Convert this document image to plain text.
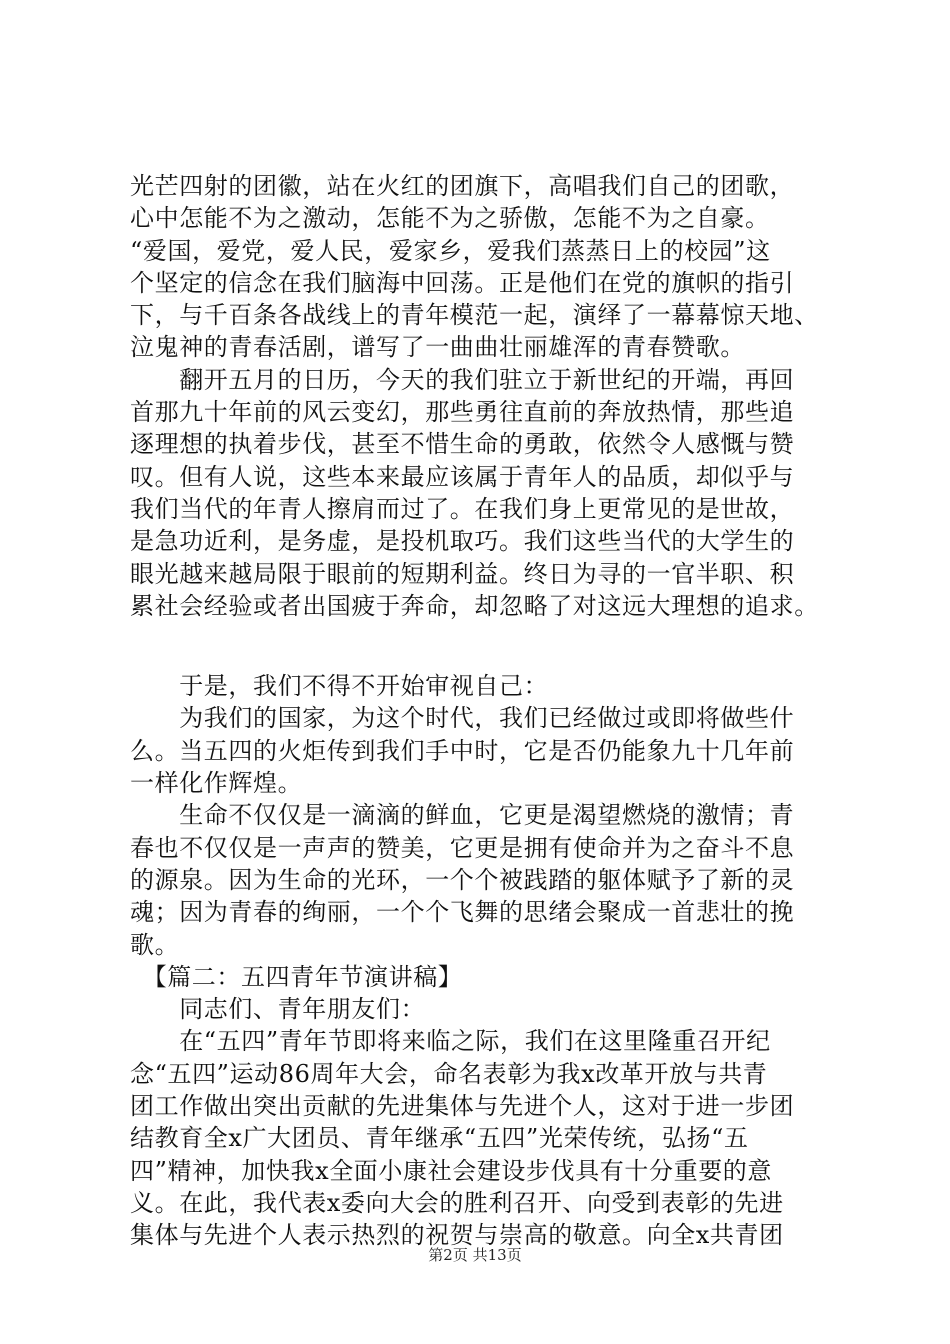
光芒四射的团徽，站在火红的团旗下，高唱我们自己的团歌，
心中怎能不为之激动，怎能不为之骄傲，怎能不为之自豪。
“爱国，爱党，爱人民，爱家乡，爱我们蒸蒸日上的校园”这
个坚定的信念在我们脑海中回荡。正是他们在党的旗帜的指引
下，与千百条各战线上的青年模范一起，演绎了一幕幕惊天地、
泣鬼神的青春活剧，谱写了一曲曲壮丽雄浑的青春赞歌。
　　翻开五月的日历，今天的我们驻立于新世纪的开端，再回
首那九十年前的风云变幻，那些勇往直前的奔放热情，那些追
逐理想的执着步伐，甚至不惜生命的勇敢，依然令人感慨与赞
叹。但有人说，这些本来最应该属于青年人的品质，却似乎与
我们当代的年青人擦肩而过了。在我们身上更常见的是世故，
是急功近利，是务虚，是投机取巧。我们这些当代的大学生的
眼光越来越局限于眼前的短期利益。终日为寻的一官半职、积
累社会经验或者出国疲于奔命，却忽略了对这远大理想的追求。
　　于是，我们不得不开始审视自己：
　　为我们的国家，为这个时代，我们已经做过或即将做些什
么。当五四的火炬传到我们手中时，它是否仍能象九十几年前
一样化作辉煌。
　　生命不仅仅是一滴滴的鲜血，它更是渴望燃烧的激情；青
春也不仅仅是一声声的赞美，它更是拥有使命并为之奋斗不息
的源泉。因为生命的光环，一个个被践踏的躯体赋予了新的灵
魂；因为青春的绚丽，一个个飞舞的思绪会聚成一首悲壮的挽
歌。
　【篇二：五四青年节演讲稿】
　　同志们、青年朋友们：
　　在“五四”青年节即将来临之际，我们在这里隆重召开纪
念“五四”运动86周年大会，命名表彰为我x改革开放与共青
团工作做出突出贡献的先进集体与先进个人，这对于进一步团
结教育全x广大团员、青年继承“五四”光荣传统，弘扬“五
四”精神，加快我x全面小康社会建设步伐具有十分重要的意
义。在此，我代表x委向大会的胜利召开、向受到表彰的先进
集体与先进个人表示热烈的祝贺与崇高的敬意。向全x共青团
第2页 共13页
